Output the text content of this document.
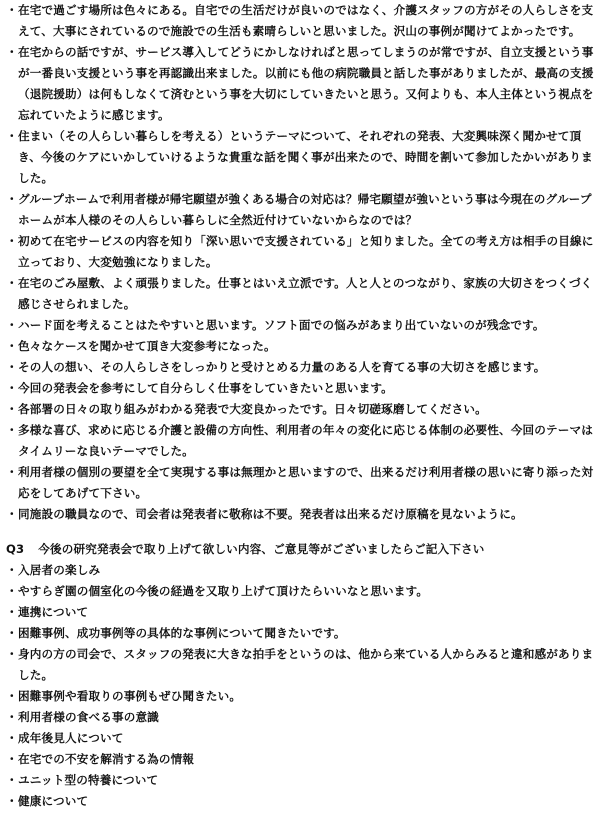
・ 在宅で過ごす場所は色々にある。自宅での生活だけが良いのではなく、介護スタッフの方がその人らしさを支えて、大事にされているので施設での生活も素晴らしいと思いました。沢山の事例が聞けてよかったです。
・ 在宅からの話ですが、サービス導入してどうにかしなければと思ってしまうのが常ですが、自立支援という事が一番良い支援という事を再認識出来ました。以前にも他の病院職員と話した事がありましたが、最高の支援（退院援助）は何もしなくて済むという事を大切にしていきたいと思う。又何よりも、本人主体という視点を忘れていたように感じます。
・ 住まい（その人らしい暮らしを考える）というテーマについて、それぞれの発表、大変興味深く聞かせて頂き、今後のケアにいかしていけるような貴重な話を聞く事が出来たので、時間を割いて参加したかいがありました。
・ グループホームで利用者様が帰宅願望が強くある場合の対応は？帰宅願望が強いという事は今現在のグループホームが本人様のその人らしい暮らしに全然近付けていないからなのでは？
・ 初めて在宅サービスの内容を知り「深い思いで支援されている」と知りました。全ての考え方は相手の目線に立っており、大変勉強になりました。
・ 在宅のごみ屋敷、よく頑張りました。仕事とはいえ立派です。人と人とのつながり、家族の大切さをつくづく感じさせられました。
・ ハード面を考えることはたやすいと思います。ソフト面での悩みがあまり出ていないのが残念です。
・ 色々なケースを聞かせて頂き大変参考になった。
・ その人の想い、その人らしさをしっかりと受けとめる力量のある人を育てる事の大切さを感じます。
・ 今回の発表会を参考にして自分らしく仕事をしていきたいと思います。
・ 各部署の日々の取り組みがわかる発表で大変良かったです。日々切磋琢磨してください。
・ 多様な喜び、求めに応じる介護と設備の方向性、利用者の年々の変化に応じる体制の必要性、今回のテーマはタイムリーな良いテーマでした。
・ 利用者様の個別の要望を全て実現する事は無理かと思いますので、出来るだけ利用者様の思いに寄り添った対応をしてあげて下さい。
・ 同施設の職員なので、司会者は発表者に敬称は不要。発表者は出来るだけ原稿を見ないように。
Q3 今後の研究発表会で取り上げて欲しい内容、ご意見等がございましたらご記入下さい
・ 入居者の楽しみ
・ やすらぎ園の個室化の今後の経過を又取り上げて頂けたらいいなと思います。
・ 連携について
・ 困難事例、成功事例等の具体的な事例について聞きたいです。
・ 身内の方の司会で、スタッフの発表に大きな拍手をというのは、他から来ている人からみると違和感がありました。
・ 困難事例や看取りの事例もぜひ聞きたい。
・ 利用者様の食べる事の意識
・ 成年後見人について
・ 在宅での不安を解消する為の情報
・ ユニット型の特養について
・ 健康について
